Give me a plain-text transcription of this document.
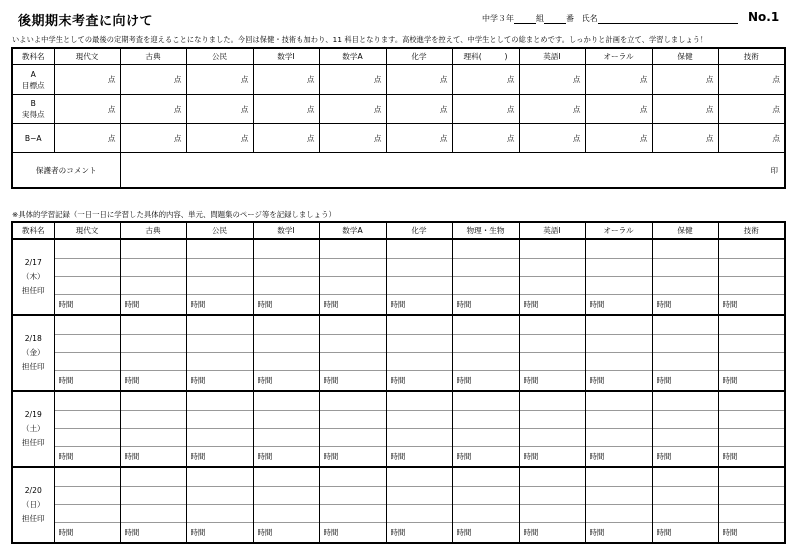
後期期末考査に向けて	中学３年	組	番 氏名	No.1
いよいよ中学生としての最後の定期考査を迎えることになりました。今回は保健・技術も加わり、11 科目となります。高校進学を控えて、中学生としての総まとめです。しっかりと計画を立て、学習しましょう！
教科名	現代文	古典	公民	数学Ⅰ	数学A	化学	理科(　　　)	英語Ⅰ	オーラル	保健	技術
A
目標点	点	点	点	点	点	点	点	点	点	点	点
B
実得点	点	点	点	点	点	点	点	点	点	点	点
B−A	点	点	点	点	点	点	点	点	点	点	点
保護者のコメント		印									
※具体的学習記録（一日一日に学習した具体的内容、単元、問題集のページ等を記録しましょう）
教科名	現代文	古典	公民	数学Ⅰ	数学A	化学	物理・生物	英語Ⅰ	オーラル	保健	技術
2/17
（木）
担任印	時間	時間	時間	時間	時間	時間	時間	時間	時間	時間	時間

2/18
（金）
担任印	時間	時間	時間	時間	時間	時間	時間	時間	時間	時間	時間

2/19
（土）
担任印	時間	時間	時間	時間	時間	時間	時間	時間	時間	時間	時間

2/20
（日）
担任印	時間	時間	時間	時間	時間	時間	時間	時間	時間	時間	時間
